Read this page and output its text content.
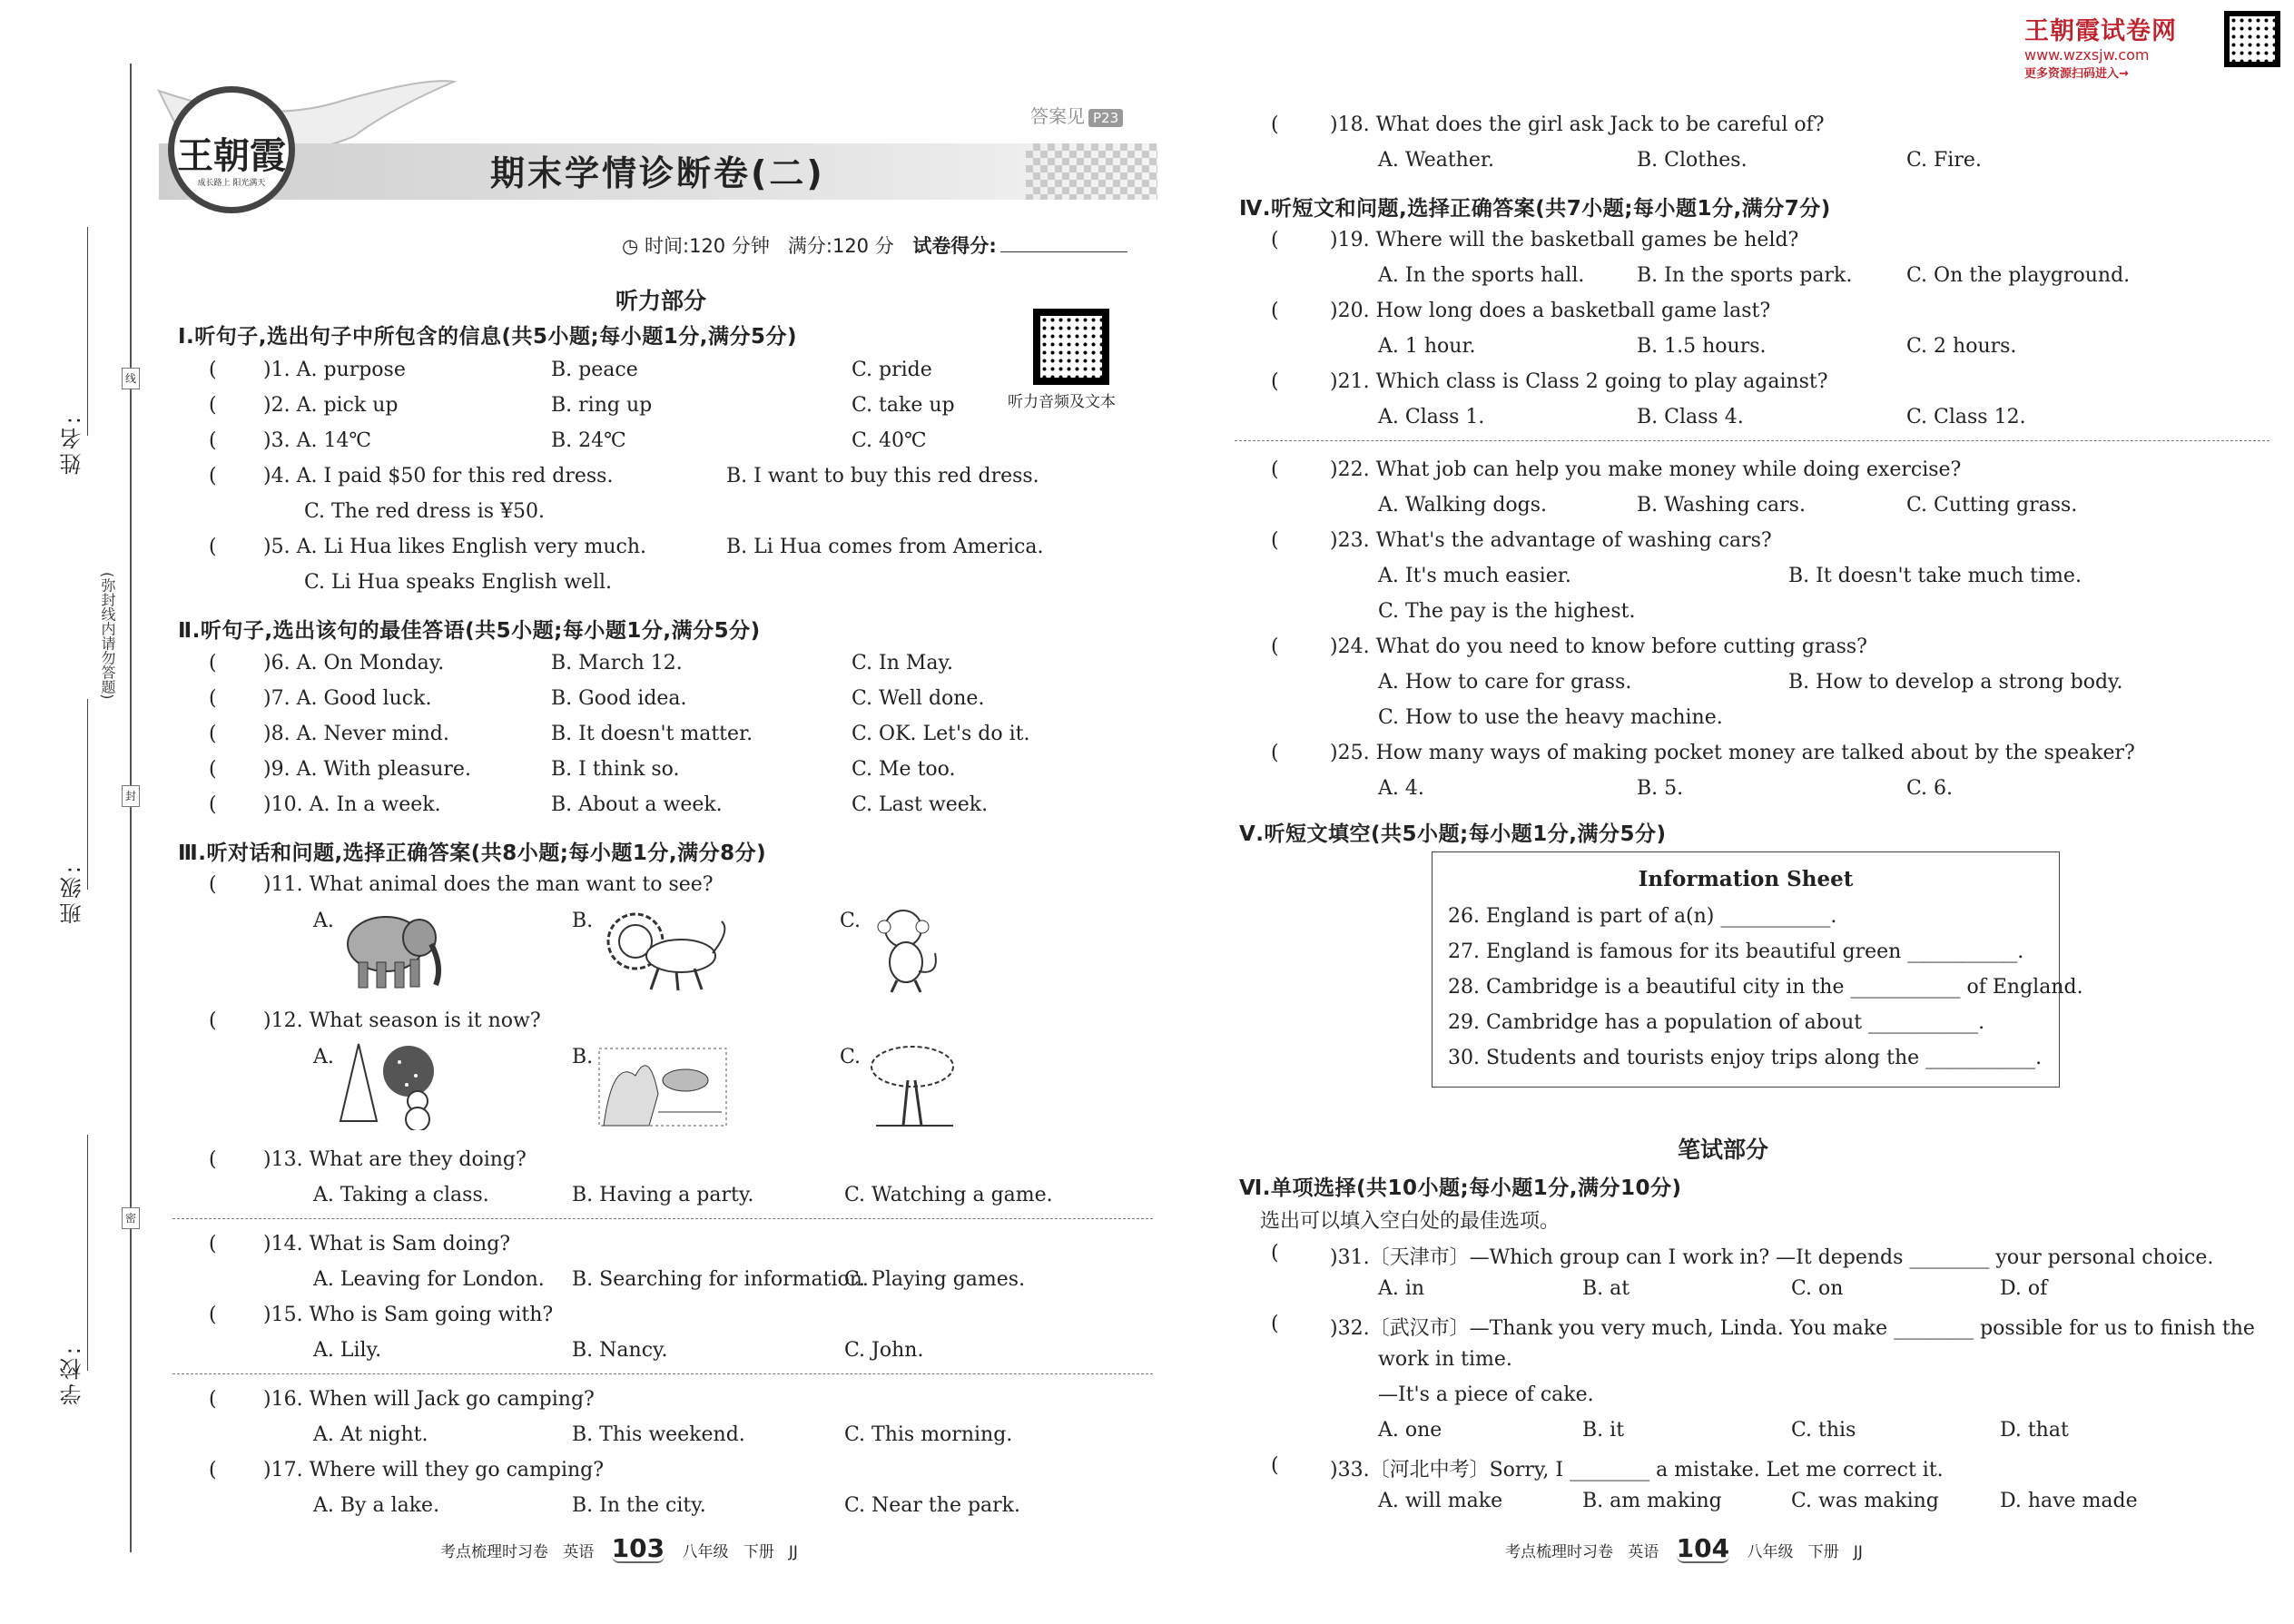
姓名:
班级:
学校:
(弥封线内请勿答题)
线
封
密
王朝霞
成长路上 阳光满天	期末学情诊断卷(二)
答案见 P23
◷ 时间:120 分钟 满分:120 分 试卷得分:
听力部分
Ⅰ.听句子,选出句子中所包含的信息(共5小题;每小题1分,满分5分)
听力音频及文本
( )1. A. purpose	B. peace	C. pride
( )2. A. pick up	B. ring up	C. take up
( )3. A. 14℃	B. 24℃	C. 40℃
( )4. A. I paid $50 for this red dress.	B. I want to buy this red dress.
C. The red dress is ¥50.
( )5. A. Li Hua likes English very much.	B. Li Hua comes from America.
C. Li Hua speaks English well.
Ⅱ.听句子,选出该句的最佳答语(共5小题;每小题1分,满分5分)
( )6. A. On Monday.	B. March 12.	C. In May.
( )7. A. Good luck.	B. Good idea.	C. Well done.
( )8. A. Never mind.	B. It doesn't matter.	C. OK. Let's do it.
( )9. A. With pleasure.	B. I think so.	C. Me too.
( )10. A. In a week.	B. About a week.	C. Last week.
Ⅲ.听对话和问题,选择正确答案(共8小题;每小题1分,满分8分)
( )11. What animal does the man want to see?
A.	B.	C.
( )12. What season is it now?
A.	B.	C.
( )13. What are they doing?
A. Taking a class.	B. Having a party.	C. Watching a game.
( )14. What is Sam doing?
A. Leaving for London. B. Searching for information.
C. Playing games.
( )15. Who is Sam going with?
A. Lily.	B. Nancy.	C. John.
( )16. When will Jack go camping?
A. At night.	B. This weekend.	C. This morning.
( )17. Where will they go camping?
A. By a lake.	B. In the city.	C. Near the park.
考点梳理时习卷 英语 103 八年级 下册 JJ
王朝霞试卷网
www.wzxsjw.com
更多资源扫码进入→
(	)18. What does the girl ask Jack to be careful of?
A. Weather.	B. Clothes.	C. Fire.
Ⅳ.听短文和问题,选择正确答案(共7小题;每小题1分,满分7分)
(	)19. Where will the basketball games be held?
A. In the sports hall.	B. In the sports park.	C. On the playground.
(	)20. How long does a basketball game last?
A. 1 hour.	B. 1.5 hours.	C. 2 hours.
(	)21. Which class is Class 2 going to play against?
A. Class 1.	B. Class 4.	C. Class 12.
(	)22. What job can help you make money while doing exercise?
A. Walking dogs.	B. Washing cars.	C. Cutting grass.
(	)23. What's the advantage of washing cars?
A. It's much easier.	B. It doesn't take much time.
C. The pay is the highest.
(	)24. What do you need to know before cutting grass?
A. How to care for grass.	B. How to develop a strong body.
C. How to use the heavy machine.
(	)25. How many ways of making pocket money are talked about by the speaker?
A. 4.	B. 5.	C. 6.
Ⅴ.听短文填空(共5小题;每小题1分,满分5分)
Information Sheet
26. England is part of a(n) ___________.
27. England is famous for its beautiful green ___________.
28. Cambridge is a beautiful city in the ___________ of England.
29. Cambridge has a population of about ___________.
30. Students and tourists enjoy trips along the ___________.
笔试部分
Ⅵ.单项选择(共10小题;每小题1分,满分10分)
选出可以填入空白处的最佳选项。
(	)31.〔天津市〕—Which group can I work in? —It depends ________ your personal choice.
A. in	B. at	C. on	D. of
(	)32.〔武汉市〕—Thank you very much, Linda. You make ________ possible for us to finish the
work in time.
—It's a piece of cake.
A. one	B. it	C. this	D. that
(	)33.〔河北中考〕Sorry, I ________ a mistake. Let me correct it.
A. will make	B. am making	C. was making	D. have made
考点梳理时习卷 英语 104 八年级 下册 JJ
